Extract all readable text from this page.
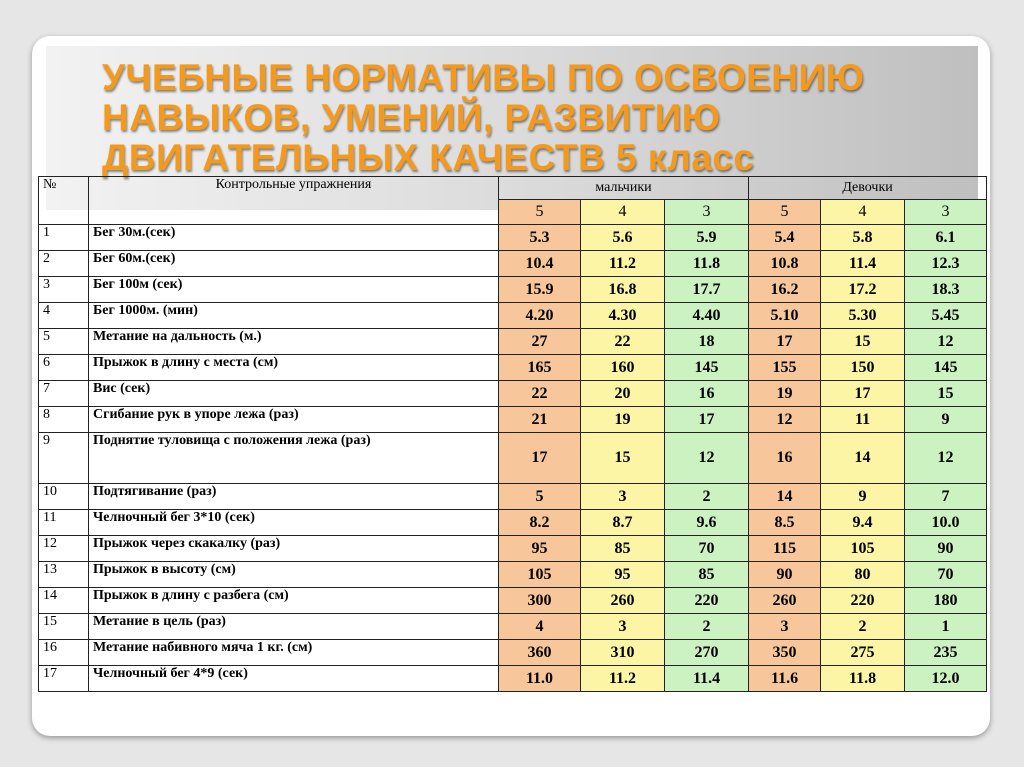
УЧЕБНЫЕ НОРМАТИВЫ ПО ОСВОЕНИЮ
НАВЫКОВ, УМЕНИЙ, РАЗВИТИЮ
ДВИГАТЕЛЬНЫХ КАЧЕСТВ 5 класс
№	Контрольные упражнения	мальчики			Девочки		
		5	4	3	5	4	3
1	Бег 30м.(сек)	5.3	5.6	5.9	5.4	5.8	6.1
2	Бег 60м.(сек)	10.4	11.2	11.8	10.8	11.4	12.3
3	Бег 100м (сек)	15.9	16.8	17.7	16.2	17.2	18.3
4	Бег 1000м. (мин)	4.20	4.30	4.40	5.10	5.30	5.45
5	Метание на дальность (м.)	27	22	18	17	15	12
6	Прыжок в длину с места (см)	165	160	145	155	150	145
7	Вис (сек)	22	20	16	19	17	15
8	Сгибание рук в упоре лежа (раз)	21	19	17	12	11	9
9	Поднятие туловища с положения лежа (раз)	17	15	12	16	14	12
10	Подтягивание (раз)	5	3	2	14	9	7
11	Челночный бег 3*10 (сек)	8.2	8.7	9.6	8.5	9.4	10.0
12	Прыжок через скакалку (раз)	95	85	70	115	105	90
13	Прыжок в высоту (см)	105	95	85	90	80	70
14	Прыжок в длину с разбега (см)	300	260	220	260	220	180
15	Метание в цель (раз)	4	3	2	3	2	1
16	Метание набивного мяча 1 кг. (см)	360	310	270	350	275	235
17	Челночный бег 4*9 (сек)	11.0	11.2	11.4	11.6	11.8	12.0
